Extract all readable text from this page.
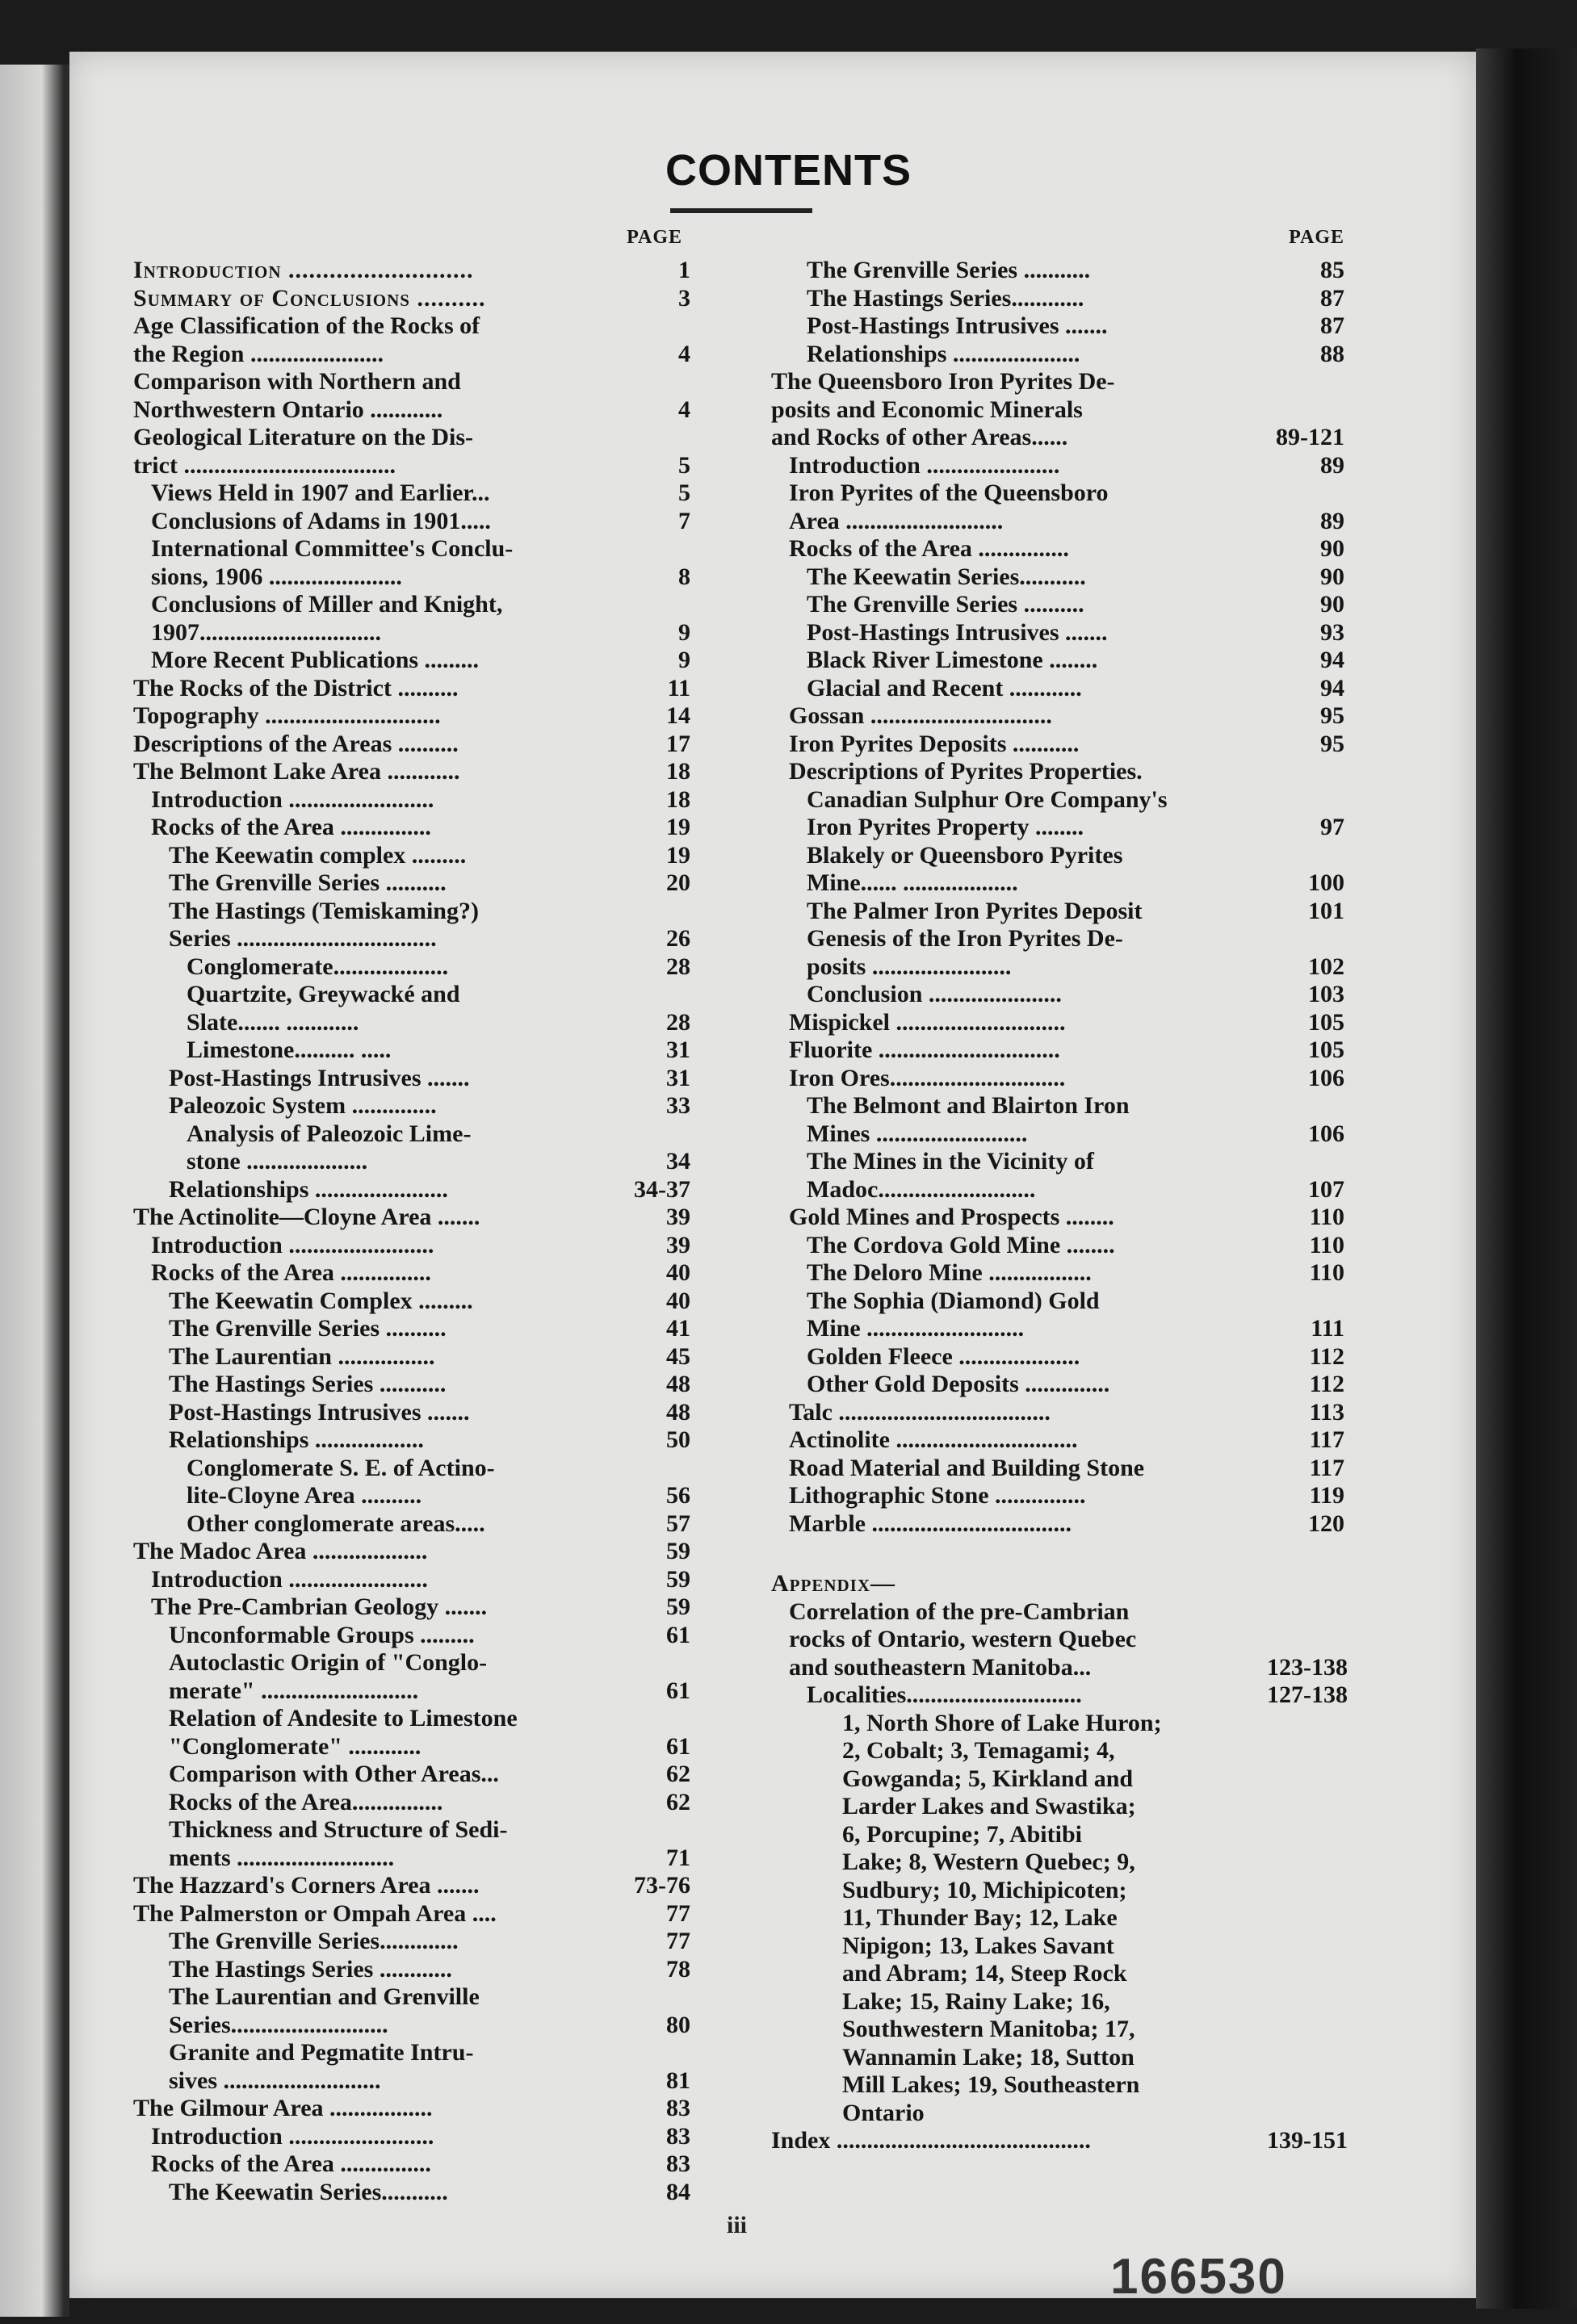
CONTENTS
PAGE
Introduction ...........................	1
Summary of Conclusions ..........	3
Age Classification of the Rocks of
the Region ......................	4
Comparison with Northern and
Northwestern Ontario ............	4
Geological Literature on the Dis-
trict ...................................	5
Views Held in 1907 and Earlier...	5
Conclusions of Adams in 1901.....	7
International Committee's Conclu-
sions, 1906 ......................	8
Conclusions of Miller and Knight,
1907..............................	9
More Recent Publications .........	9
The Rocks of the District ..........	11
Topography .............................	14
Descriptions of the Areas ..........	17
The Belmont Lake Area ............	18
Introduction ........................	18
Rocks of the Area ...............	19
The Keewatin complex .........	19
The Grenville Series ..........	20
The Hastings (Temiskaming?)
Series .................................	26
Conglomerate...................	28
Quartzite, Greywacké and
Slate....... ............	28
Limestone.......... .....	31
Post-Hastings Intrusives .......	31
Paleozoic System ..............	33
Analysis of Paleozoic Lime-
stone ....................	34
Relationships ......................	34-37
The Actinolite—Cloyne Area .......	39
Introduction ........................	39
Rocks of the Area ...............	40
The Keewatin Complex .........	40
The Grenville Series ..........	41
The Laurentian ................	45
The Hastings Series ...........	48
Post-Hastings Intrusives .......	48
Relationships ..................	50
Conglomerate S. E. of Actino-
lite-Cloyne Area ..........	56
Other conglomerate areas.....	57
The Madoc Area ...................	59
Introduction .......................	59
The Pre-Cambrian Geology .......	59
Unconformable Groups .........	61
Autoclastic Origin of "Conglo-
merate" ..........................	61
Relation of Andesite to Limestone
"Conglomerate" ............	61
Comparison with Other Areas...	62
Rocks of the Area...............	62
Thickness and Structure of Sedi-
ments ..........................	71
The Hazzard's Corners Area .......	73-76
The Palmerston or Ompah Area ....	77
The Grenville Series.............	77
The Hastings Series ............	78
The Laurentian and Grenville
Series..........................	80
Granite and Pegmatite Intru-
sives ..........................	81
The Gilmour Area .................	83
Introduction ........................	83
Rocks of the Area ...............	83
The Keewatin Series...........	84
PAGE
The Grenville Series ...........	85
The Hastings Series............	87
Post-Hastings Intrusives .......	87
Relationships .....................	88
The Queensboro Iron Pyrites De-
posits and Economic Minerals
and Rocks of other Areas......	89-121
Introduction ......................	89
Iron Pyrites of the Queensboro
Area ..........................	89
Rocks of the Area ...............	90
The Keewatin Series...........	90
The Grenville Series ..........	90
Post-Hastings Intrusives .......	93
Black River Limestone ........	94
Glacial and Recent ............	94
Gossan ..............................	95
Iron Pyrites Deposits ...........	95
Descriptions of Pyrites Properties.
Canadian Sulphur Ore Company's
Iron Pyrites Property ........	97
Blakely or Queensboro Pyrites
Mine...... ...................	100
The Palmer Iron Pyrites Deposit	101
Genesis of the Iron Pyrites De-
posits .......................	102
Conclusion ......................	103
Mispickel ............................	105
Fluorite ..............................	105
Iron Ores.............................	106
The Belmont and Blairton Iron
Mines .........................	106
The Mines in the Vicinity of
Madoc..........................	107
Gold Mines and Prospects ........	110
The Cordova Gold Mine ........	110
The Deloro Mine .................	110
The Sophia (Diamond) Gold
Mine ..........................	111
Golden Fleece ....................	112
Other Gold Deposits ..............	112
Talc ...................................	113
Actinolite ..............................	117
Road Material and Building Stone	117
Lithographic Stone ...............	119
Marble .................................	120
Appendix—
Correlation of the pre-Cambrian
rocks of Ontario, western Quebec
and southeastern Manitoba...	123-138
Localities.............................	127-138
1, North Shore of Lake Huron;
2, Cobalt; 3, Temagami; 4,
Gowganda; 5, Kirkland and
Larder Lakes and Swastika;
6, Porcupine; 7, Abitibi
Lake; 8, Western Quebec; 9,
Sudbury; 10, Michipicoten;
11, Thunder Bay; 12, Lake
Nipigon; 13, Lakes Savant
and Abram; 14, Steep Rock
Lake; 15, Rainy Lake; 16,
Southwestern Manitoba; 17,
Wannamin Lake; 18, Sutton
Mill Lakes; 19, Southeastern
Ontario
Index ..........................................	139-151
iii
166530
